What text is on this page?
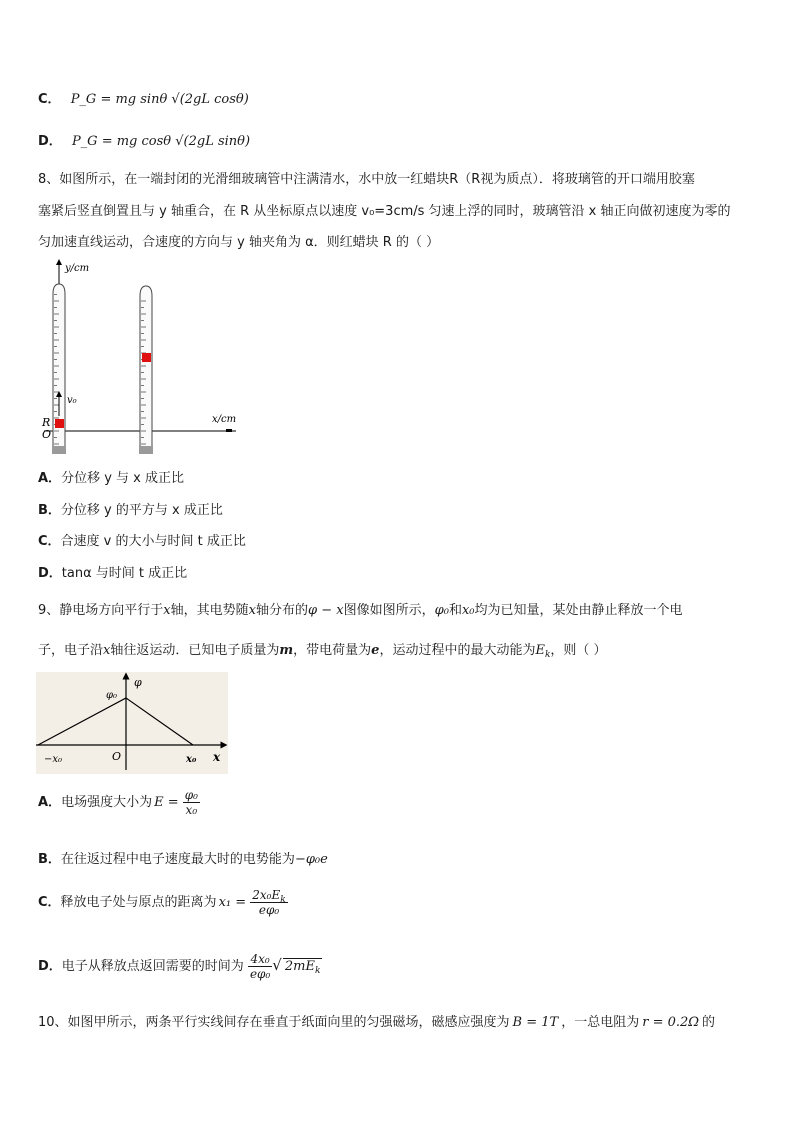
C． P_G = mg sinθ √(2gL cosθ)
D． P_G = mg cosθ √(2gL sinθ)
8、如图所示，在一端封闭的光滑细玻璃管中注满清水，水中放一红蜡块R（R视为质点）．将玻璃管的开口端用胶塞
塞紧后竖直倒置且与 y 轴重合，在 R 从坐标原点以速度 v₀=3cm/s 匀速上浮的同时，玻璃管沿 x 轴正向做初速度为零的
匀加速直线运动，合速度的方向与 y 轴夹角为 α．则红蜡块 R 的（ ）
y/cm
x/cm
O
R
v₀
A．分位移 y 与 x 成正比
B．分位移 y 的平方与 x 成正比
C．合速度 v 的大小与时间 t 成正比
D．tanα 与时间 t 成正比
9、静电场方向平行于x轴，其电势随x轴分布的φ − x图像如图所示，φ₀和x₀均为已知量，某处由静止释放一个电
子，电子沿x轴往返运动．已知电子质量为m，带电荷量为e，运动过程中的最大动能为$E_k$，则（ ）
φ
φ₀
x
O
−x₀	x₀
A．电场强度大小为 $E = \frac{\text{φ₀}}{\text{x₀}}$
B．在往返过程中电子速度最大时的电势能为−φ₀e
C．释放电子处与原点的距离为 $x_1 = \frac{2x_0E_k}{\text{eφ₀}}$
D．电子从释放点返回需要的时间为 $\frac{\text{4x₀}}{\text{eφ₀}}$ √ $2mE_k$
10、如图甲所示，两条平行实线间存在垂直于纸面向里的匀强磁场，磁感应强度为 B = 1T ，一总电阻为 r = 0.2Ω 的
